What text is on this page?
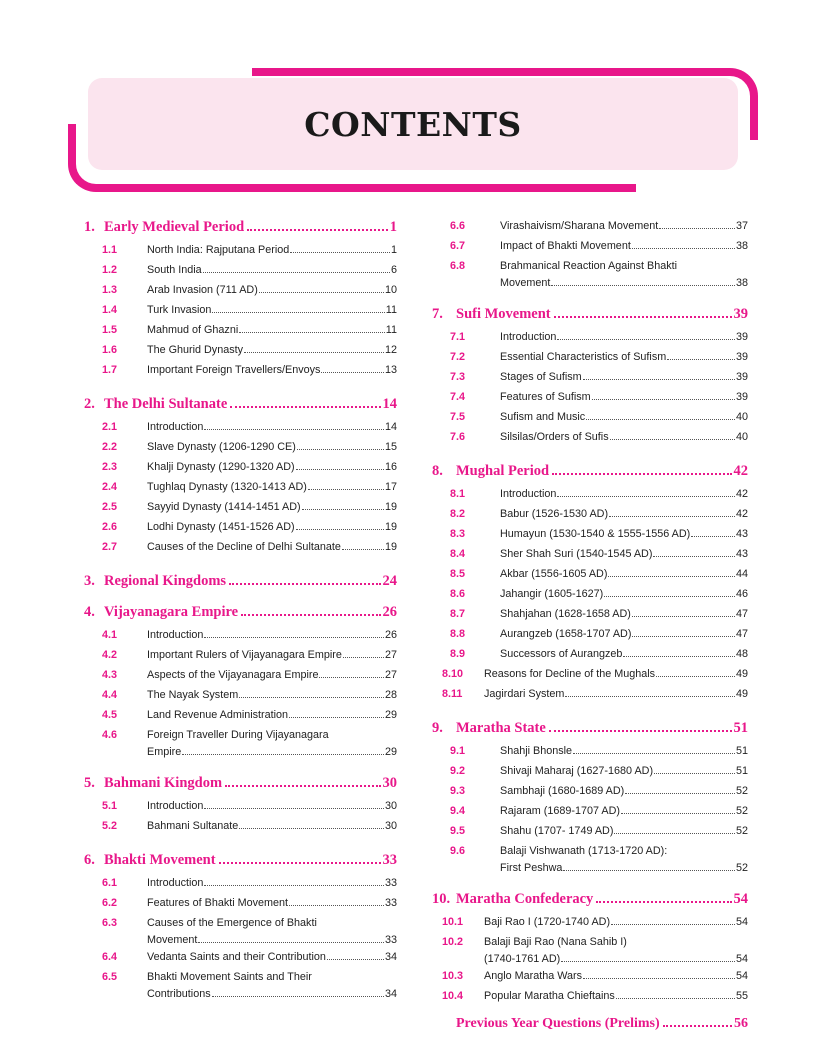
CONTENTS
1. Early Medieval Period	1
1.1	North India: Rajputana Period	1
1.2	South India	6
1.3	Arab Invasion (711 AD)	10
1.4	Turk Invasion	11
1.5	Mahmud of Ghazni	11
1.6	The Ghurid Dynasty	12
1.7	Important Foreign Travellers/Envoys	13
2. The Delhi Sultanate	14
2.1	Introduction	14
2.2	Slave Dynasty (1206-1290 CE)	15
2.3	Khalji Dynasty (1290-1320 AD)	16
2.4	Tughlaq Dynasty (1320-1413 AD)	17
2.5	Sayyid Dynasty (1414-1451 AD)	19
2.6	Lodhi Dynasty (1451-1526 AD)	19
2.7	Causes of the Decline of Delhi Sultanate	19
3. Regional Kingdoms	24
4. Vijayanagara Empire	26
4.1	Introduction	26
4.2	Important Rulers of Vijayanagara Empire	27
4.3	Aspects of the Vijayanagara Empire	27
4.4	The Nayak System	28
4.5	Land Revenue Administration	29
4.6	Foreign Traveller During Vijayanagara
Empire	29
5. Bahmani Kingdom	30
5.1	Introduction	30
5.2	Bahmani Sultanate	30
6. Bhakti Movement	33
6.1	Introduction	33
6.2	Features of Bhakti Movement	33
6.3	Causes of the Emergence of Bhakti
Movement	33
6.4	Vedanta Saints and their Contribution	34
6.5	Bhakti Movement Saints and Their
Contributions	34
6.6	Virashaivism/Sharana Movement	37
6.7	Impact of Bhakti Movement	38
6.8	Brahmanical Reaction Against Bhakti
Movement	38
7. Sufi Movement	39
7.1	Introduction	39
7.2	Essential Characteristics of Sufism	39
7.3	Stages of Sufism	39
7.4	Features of Sufism	39
7.5	Sufism and Music	40
7.6	Silsilas/Orders of Sufis	40
8. Mughal Period	42
8.1	Introduction	42
8.2	Babur (1526-1530 AD)	42
8.3	Humayun (1530-1540 & 1555-1556 AD)	43
8.4	Sher Shah Suri (1540-1545 AD)	43
8.5	Akbar (1556-1605 AD)	44
8.6	Jahangir (1605-1627)	46
8.7	Shahjahan (1628-1658 AD)	47
8.8	Aurangzeb (1658-1707 AD)	47
8.9	Successors of Aurangzeb	48
8.10	Reasons for Decline of the Mughals	49
8.11	Jagirdari System	49
9. Maratha State	51
9.1	Shahji Bhonsle	51
9.2	Shivaji Maharaj (1627-1680 AD)	51
9.3	Sambhaji (1680-1689 AD)	52
9.4	Rajaram (1689-1707 AD)	52
9.5	Shahu (1707- 1749 AD)	52
9.6	Balaji Vishwanath (1713-1720 AD):
First Peshwa	52
10. Maratha Confederacy	54
10.1	Baji Rao I (1720-1740 AD)	54
10.2	Balaji Baji Rao (Nana Sahib I)
(1740-1761 AD)	54
10.3	Anglo Maratha Wars	54
10.4	Popular Maratha Chieftains	55
Previous Year Questions (Prelims)	56
